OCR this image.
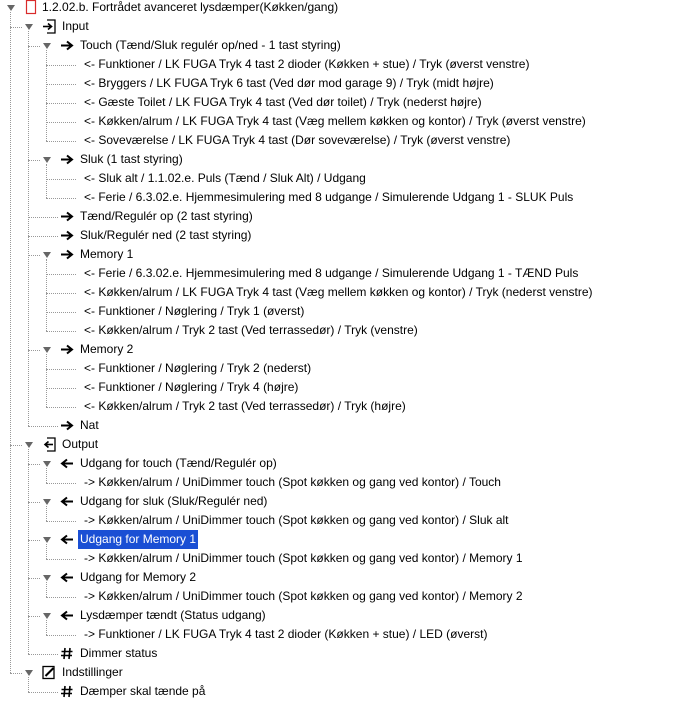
1.2.02.b. Fortrådet avanceret lysdæmper(Køkken/gang)
Input
Touch (Tænd/Sluk regulér op/ned - 1 tast styring)
<- Funktioner / LK FUGA Tryk 4 tast 2 dioder (Køkken + stue) / Tryk (øverst venstre)
<- Bryggers / LK FUGA Tryk 6 tast (Ved dør mod garage 9) / Tryk (midt højre)
<- Gæste Toilet / LK FUGA Tryk 4 tast (Ved dør toilet) / Tryk (nederst højre)
<- Køkken/alrum / LK FUGA Tryk 4 tast (Væg mellem køkken og kontor) / Tryk (øverst venstre)
<- Soveværelse / LK FUGA Tryk 4 tast (Dør soveværelse) / Tryk (øverst venstre)
Sluk (1 tast styring)
<- Sluk alt / 1.1.02.e. Puls (Tænd / Sluk Alt) / Udgang
<- Ferie / 6.3.02.e. Hjemmesimulering med 8 udgange / Simulerende Udgang 1 - SLUK Puls
Tænd/Regulér op (2 tast styring)
Sluk/Regulér ned (2 tast styring)
Memory 1
<- Ferie / 6.3.02.e. Hjemmesimulering med 8 udgange / Simulerende Udgang 1 - TÆND Puls
<- Køkken/alrum / LK FUGA Tryk 4 tast (Væg mellem køkken og kontor) / Tryk (nederst venstre)
<- Funktioner / Nøglering / Tryk 1 (øverst)
<- Køkken/alrum / Tryk 2 tast (Ved terrassedør) / Tryk (venstre)
Memory 2
<- Funktioner / Nøglering / Tryk 2 (nederst)
<- Funktioner / Nøglering / Tryk 4 (højre)
<- Køkken/alrum / Tryk 2 tast (Ved terrassedør) / Tryk (højre)
Nat
Output
Udgang for touch (Tænd/Regulér op)
-> Køkken/alrum / UniDimmer touch (Spot køkken og gang ved kontor) / Touch
Udgang for sluk (Sluk/Regulér ned)
-> Køkken/alrum / UniDimmer touch (Spot køkken og gang ved kontor) / Sluk alt
Udgang for Memory 1
-> Køkken/alrum / UniDimmer touch (Spot køkken og gang ved kontor) / Memory 1
Udgang for Memory 2
-> Køkken/alrum / UniDimmer touch (Spot køkken og gang ved kontor) / Memory 2
Lysdæmper tændt (Status udgang)
-> Funktioner / LK FUGA Tryk 4 tast 2 dioder (Køkken + stue) / LED (øverst)
Dimmer status
Indstillinger
Dæmper skal tænde på
